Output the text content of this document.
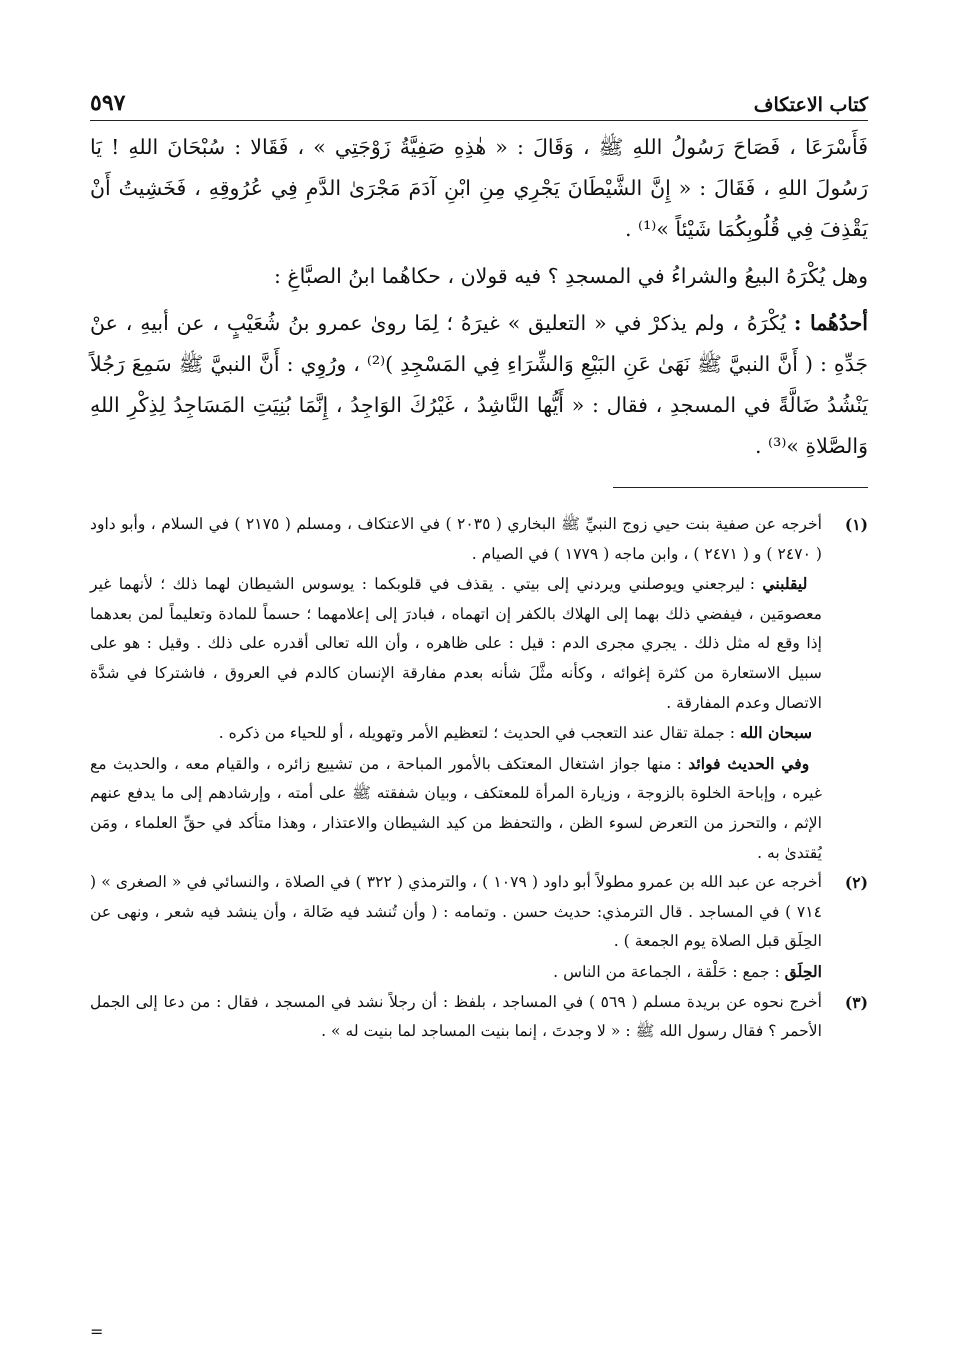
كتاب الاعتكاف
٥٩٧

فَأَسْرَعَا ، فَصَاحَ رَسُولُ اللهِ ﷺ ، وَقَالَ : « هٰذِهِ صَفِيَّةُ زَوْجَتِي » ، فَقَالا : سُبْحَانَ اللهِ ! يَا رَسُولَ اللهِ ، فَقَالَ : « إِنَّ الشَّيْطَانَ يَجْرِي مِنِ ابْنِ آدَمَ مَجْرَىٰ الدَّمِ فِي عُرُوقِهِ ، فَخَشِيتُ أَنْ يَقْذِفَ فِي قُلُوبِكُمَا شَيْئاً »⁽¹⁾ .

وهل يُكْرَهُ البيعُ والشراءُ في المسجدِ ؟ فيه قولان ، حكاهُما ابنُ الصبَّاغِ :

أحدُهُما : يُكْرَهُ ، ولم يذكرْ في « التعليق » غيرَهُ ؛ لِمَا روىٰ عمرو بنُ شُعَيْبٍ ، عن أبيهِ ، عنْ جَدِّهِ : ( أَنَّ النبيَّ ﷺ نَهَىٰ عَنِ البَيْعِ وَالشِّرَاءِ فِي المَسْجِدِ )⁽²⁾ ، ورُوِي : أَنَّ النبيَّ ﷺ سَمِعَ رَجُلاً يَنْشُدُ ضَالَّةً في المسجدِ ، فقال : « أَيُّها النَّاشِدُ ، غَيْرُكَ الوَاجِدُ ، إِنَّمَا بُنِيَتِ المَسَاجِدُ لِذِكْرِ اللهِ وَالصَّلاةِ »⁽³⁾ .

(١)

أخرجه عن صفية بنت حيي زوج النبيِّ ﷺ البخاري ( ٢٠٣٥ ) في الاعتكاف ، ومسلم ( ٢١٧٥ ) في السلام ، وأبو داود ( ٢٤٧٠ ) و ( ٢٤٧١ ) ، وابن ماجه ( ١٧٧٩ ) في الصيام .

ليقلبني : ليرجعني ويوصلني ويردني إلى بيتي . يقذف في قلوبكما : يوسوس الشيطان لهما ذلك ؛ لأنهما غير معصومَين ، فيفضي ذلك بهما إلى الهلاك بالكفر إن اتهماه ، فبادرَ إلى إعلامهما ؛ حسماً للمادة وتعليماً لمن بعدهما إذا وقع له مثل ذلك . يجري مجرى الدم : قيل : على ظاهره ، وأن الله تعالى أقدره على ذلك . وقيل : هو على سبيل الاستعارة من كثرة إغوائه ، وكأنه مثَّلَ شأنه بعدم مفارقة الإنسان كالدم في العروق ، فاشتركا في شدَّة الاتصال وعدم المفارقة .

سبحان الله : جملة تقال عند التعجب في الحديث ؛ لتعظيم الأمر وتهويله ، أو للحياء من ذكره .

وفي الحديث فوائد : منها جواز اشتغال المعتكف بالأمور المباحة ، من تشييع زائره ، والقيام معه ، والحديث مع غيره ، وإباحة الخلوة بالزوجة ، وزيارة المرأة للمعتكف ، وبيان شفقته ﷺ على أمته ، وإرشادهم إلى ما يدفع عنهم الإثم ، والتحرز من التعرض لسوء الظن ، والتحفظ من كيد الشيطان والاعتذار ، وهذا متأكد في حقِّ العلماء ، ومَن يُقتدىٰ به .

(٢)

أخرجه عن عبد الله بن عمرو مطولاً أبو داود ( ١٠٧٩ ) ، والترمذي ( ٣٢٢ ) في الصلاة ، والنسائي في « الصغرى » ( ٧١٤ ) في المساجد . قال الترمذي: حديث حسن . وتمامه : ( وأن تُنشد فيه ضَالة ، وأن ينشد فيه شعر ، ونهى عن الحِلَق قبل الصلاة يوم الجمعة ) .

الحِلَق : جمع : حَلْقة ، الجماعة من الناس .

(٣)

أخرج نحوه عن بريدة مسلم ( ٥٦٩ ) في المساجد ، بلفظ : أن رجلاً نشد في المسجد ، فقال : من دعا إلى الجمل الأحمر ؟ فقال رسول الله ﷺ : « لا وجدتَ ، إنما بنيت المساجد لما بنيت له » .

=
